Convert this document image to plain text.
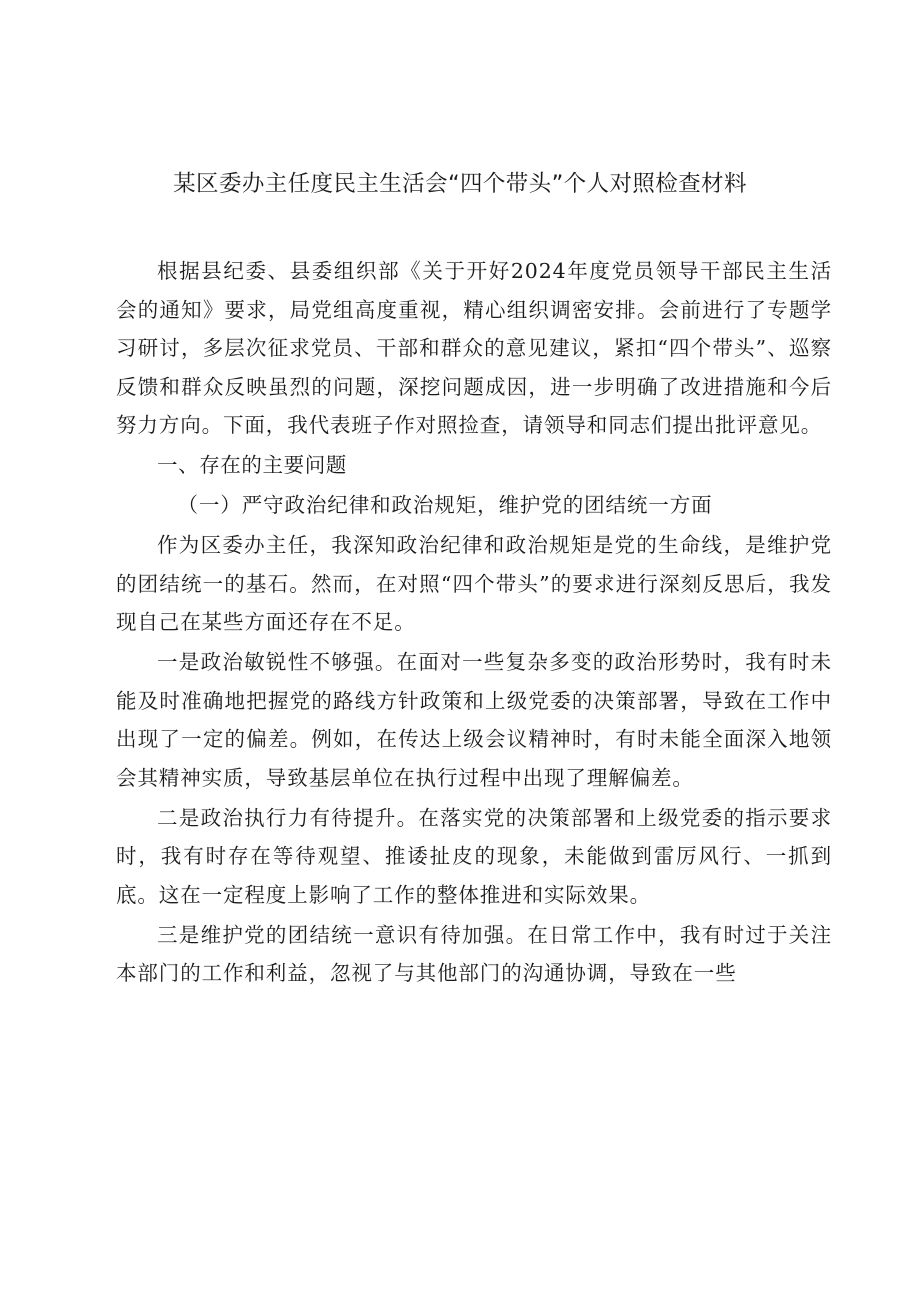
某区委办主任度民主生活会“四个带头”个人对照检查材料

根据县纪委、县委组织部《关于开好2024年度党员领导干部民主生活会的通知》要求，局党组高度重视，精心组织调密安排。会前进行了专题学习研讨，多层次征求党员、干部和群众的意见建议，紧扣“四个带头”、巡察反馈和群众反映虽烈的问题，深挖问题成因，进一步明确了改进措施和今后努力方向。下面，我代表班子作对照捡查，请领导和同志们提出批评意见。

一、存在的主要问题

（一）严守政治纪律和政治规矩，维护党的团结统一方面

作为区委办主任，我深知政治纪律和政治规矩是党的生命线，是维护党的团结统一的基石。然而，在对照“四个带头”的要求进行深刻反思后，我发现自己在某些方面还存在不足。

一是政治敏锐性不够强。在面对一些复杂多变的政治形势时，我有时未能及时准确地把握党的路线方针政策和上级党委的决策部署，导致在工作中出现了一定的偏差。例如，在传达上级会议精神时，有时未能全面深入地领会其精神实质，导致基层单位在执行过程中出现了理解偏差。

二是政治执行力有待提升。在落实党的决策部署和上级党委的指示要求时，我有时存在等待观望、推诿扯皮的现象，未能做到雷厉风行、一抓到底。这在一定程度上影响了工作的整体推进和实际效果。

三是维护党的团结统一意识有待加强。在日常工作中，我有时过于关注本部门的工作和利益，忽视了与其他部门的沟通协调，导致在一些
